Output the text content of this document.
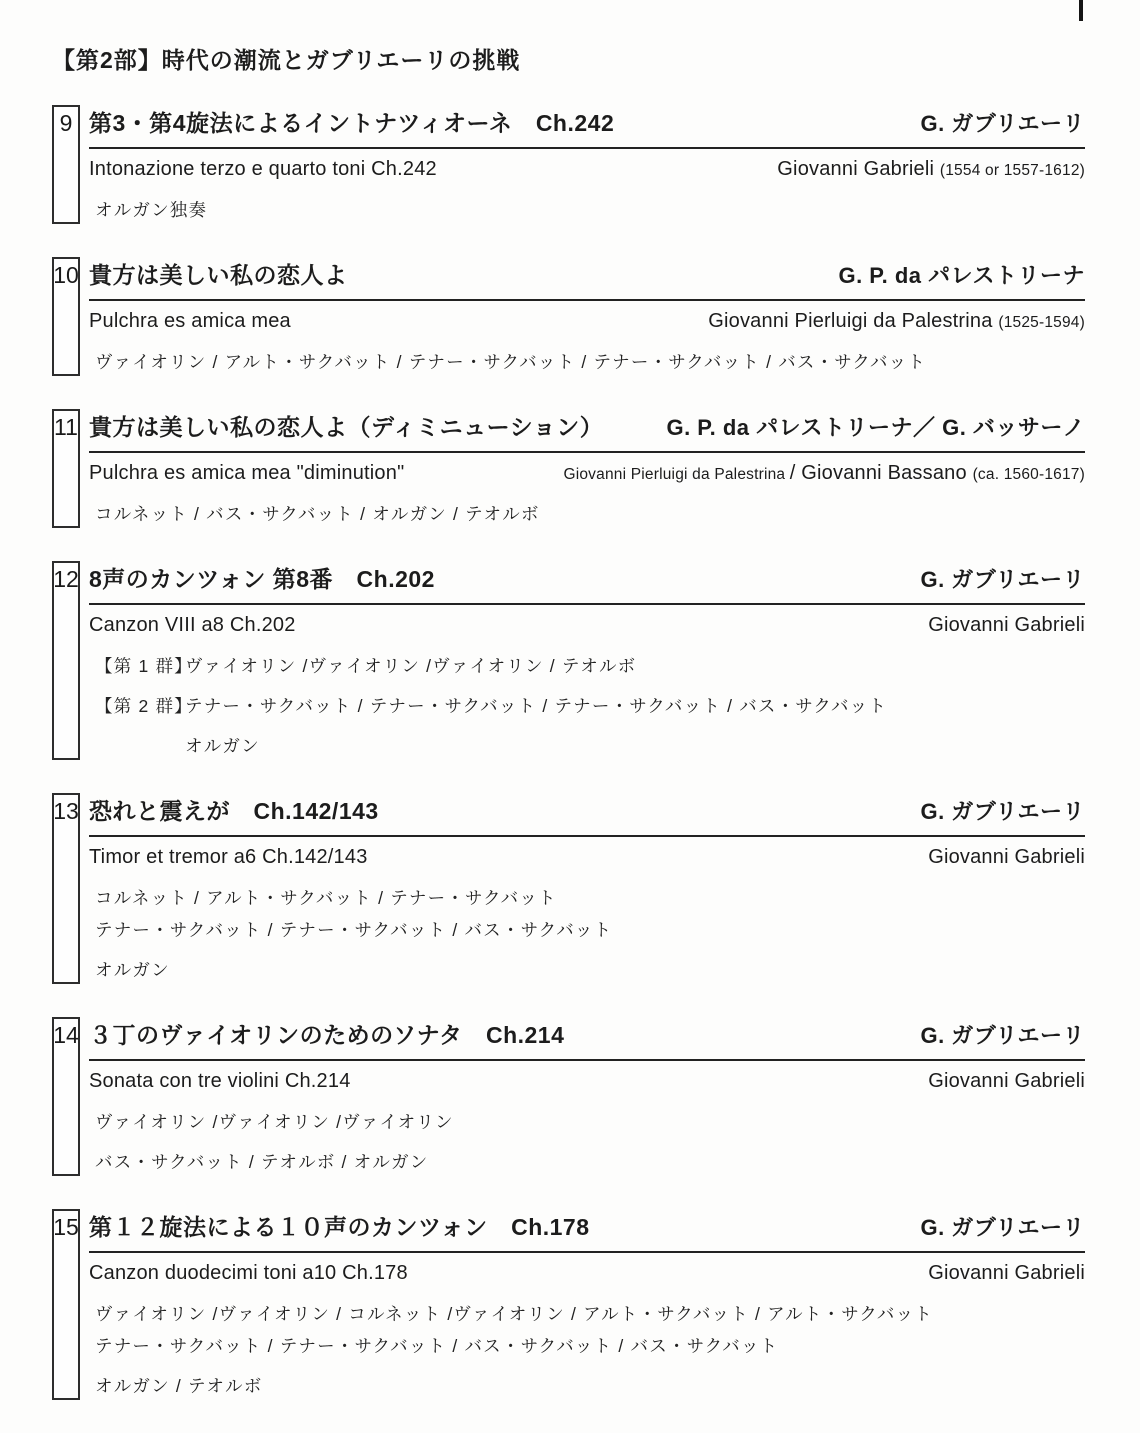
【第2部】時代の潮流とガブリエーリの挑戦
9 第3・第4旋法によるイントナツィオーネ　Ch.242	G. ガブリエーリ
Intonazione terzo e quarto toni Ch.242	Giovanni Gabrieli (1554 or 1557-1612)
オルガン独奏
10 貴方は美しい私の恋人よ	G. P. da パレストリーナ
Pulchra es amica mea	Giovanni Pierluigi da Palestrina (1525-1594)
ヴァイオリン / アルト・サクバット / テナー・サクバット / テナー・サクバット / バス・サクバット
11 貴方は美しい私の恋人よ（ディミニューション）	G. P. da パレストリーナ／ G. バッサーノ
Pulchra es amica mea "diminution"	Giovanni Pierluigi da Palestrina / Giovanni Bassano (ca. 1560-1617)
コルネット / バス・サクバット / オルガン / テオルボ
12 8声のカンツォン 第8番　Ch.202	G. ガブリエーリ
Canzon VIII a8 Ch.202	Giovanni Gabrieli
【第 1 群】
ヴァイオリン /ヴァイオリン /ヴァイオリン / テオルボ
【第 2 群】
テナー・サクバット / テナー・サクバット / テナー・サクバット / バス・サクバット
オルガン
13 恐れと震えが　Ch.142/143	G. ガブリエーリ
Timor et tremor a6 Ch.142/143	Giovanni Gabrieli
コルネット / アルト・サクバット / テナー・サクバット
テナー・サクバット / テナー・サクバット / バス・サクバット
オルガン
14 ３丁のヴァイオリンのためのソナタ　Ch.214	G. ガブリエーリ
Sonata con tre violini Ch.214	Giovanni Gabrieli
ヴァイオリン /ヴァイオリン /ヴァイオリン
バス・サクバット / テオルボ / オルガン
15 第１２旋法による１０声のカンツォン　Ch.178	G. ガブリエーリ
Canzon duodecimi toni a10 Ch.178	Giovanni Gabrieli
ヴァイオリン /ヴァイオリン / コルネット /ヴァイオリン / アルト・サクバット / アルト・サクバット
テナー・サクバット / テナー・サクバット / バス・サクバット / バス・サクバット
オルガン / テオルボ
